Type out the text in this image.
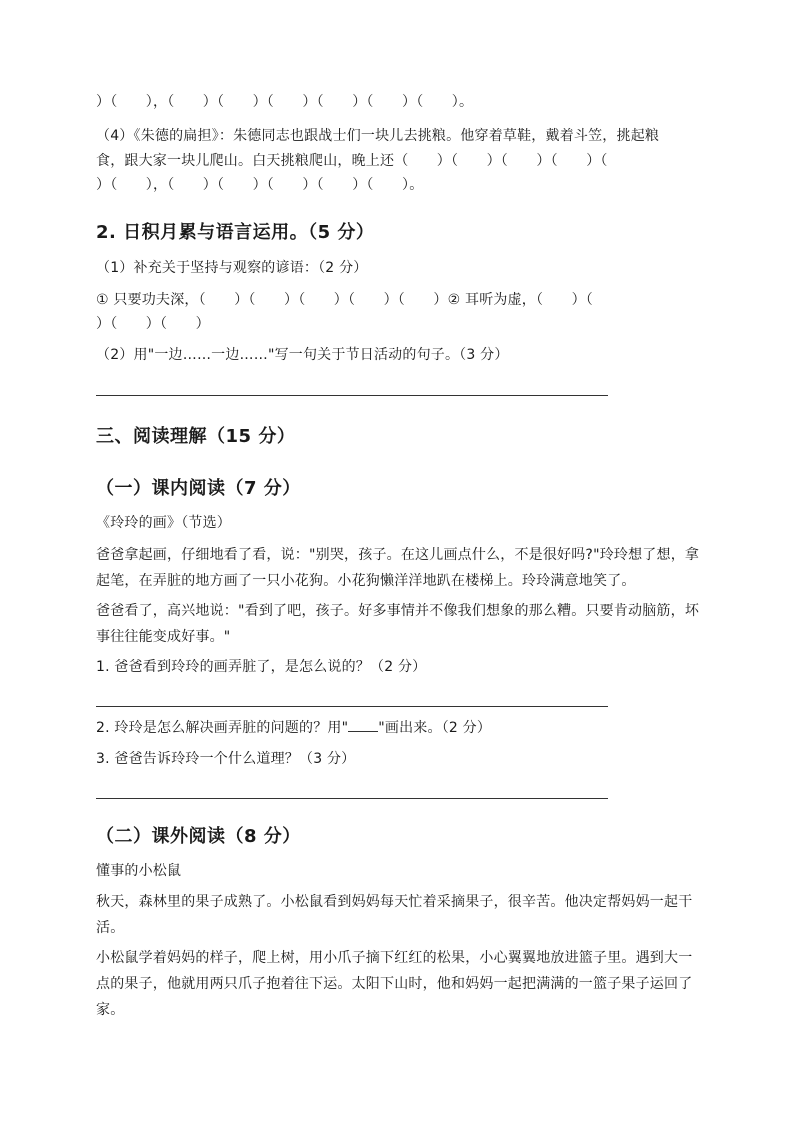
）（　　），（　　）（　　）（　　）（　　）（　　）（　　）。
（4）《朱德的扁担》：朱德同志也跟战士们一块儿去挑粮。他穿着草鞋，戴着斗笠，挑起粮
食，跟大家一块儿爬山。白天挑粮爬山，晚上还（　　）（　　）（　　）（　　）（
）（　　），（　　）（　　）（　　）（　　）（　　）。
2. 日积月累与语言运用。（5 分）
（1）补充关于坚持与观察的谚语：（2 分）
① 只要功夫深，（　　）（　　）（　　）（　　）（　　）② 耳听为虚，（　　）（
）（　　）（　　）
（2）用"一边……一边……"写一句关于节日活动的句子。（3 分）
三、阅读理解（15 分）
（一）课内阅读（7 分）
《玲玲的画》（节选）
爸爸拿起画，仔细地看了看，说："别哭，孩子。在这儿画点什么，不是很好吗?"玲玲想了想，拿起笔，在弄脏的地方画了一只小花狗。小花狗懒洋洋地趴在楼梯上。玲玲满意地笑了。
爸爸看了，高兴地说："看到了吧，孩子。好多事情并不像我们想象的那么糟。只要肯动脑筋，坏事往往能变成好事。"
1. 爸爸看到玲玲的画弄脏了，是怎么说的？（2 分）
2. 玲玲是怎么解决画弄脏的问题的？用" "画出来。（2 分）
3. 爸爸告诉玲玲一个什么道理？（3 分）
（二）课外阅读（8 分）
懂事的小松鼠
秋天，森林里的果子成熟了。小松鼠看到妈妈每天忙着采摘果子，很辛苦。他决定帮妈妈一起干活。
小松鼠学着妈妈的样子，爬上树，用小爪子摘下红红的松果，小心翼翼地放进篮子里。遇到大一点的果子，他就用两只爪子抱着往下运。太阳下山时，他和妈妈一起把满满的一篮子果子运回了家。
